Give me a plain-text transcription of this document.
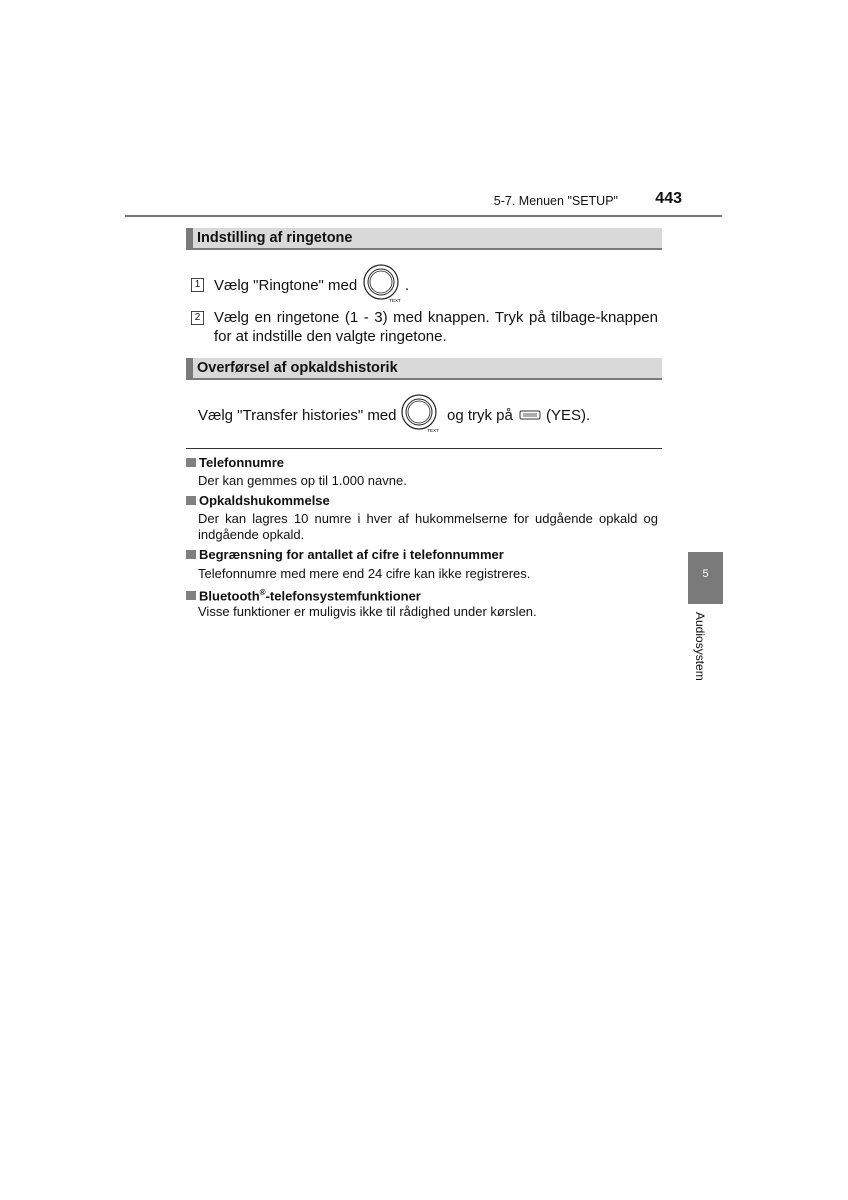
5-7. Menuen "SETUP"	443
Indstilling af ringetone
1 Vælg "Ringtone" med
TEXT
.
2 Vælg en ringetone (1 - 3) med knappen. Tryk på tilbage-knappen for at indstille den valgte ringetone.
Overførsel af opkaldshistorik
Vælg "Transfer histories" med
TEXT
og tryk på (YES).
Telefonnumre
Der kan gemmes op til 1.000 navne.
Opkaldshukommelse
Der kan lagres 10 numre i hver af hukommelserne for udgående opkald og indgående opkald.
Begrænsning for antallet af cifre i telefonnummer
Telefonnumre med mere end 24 cifre kan ikke registreres.
Bluetooth®-telefonsystemfunktioner
Visse funktioner er muligvis ikke til rådighed under kørslen.
5
Audiosystem
